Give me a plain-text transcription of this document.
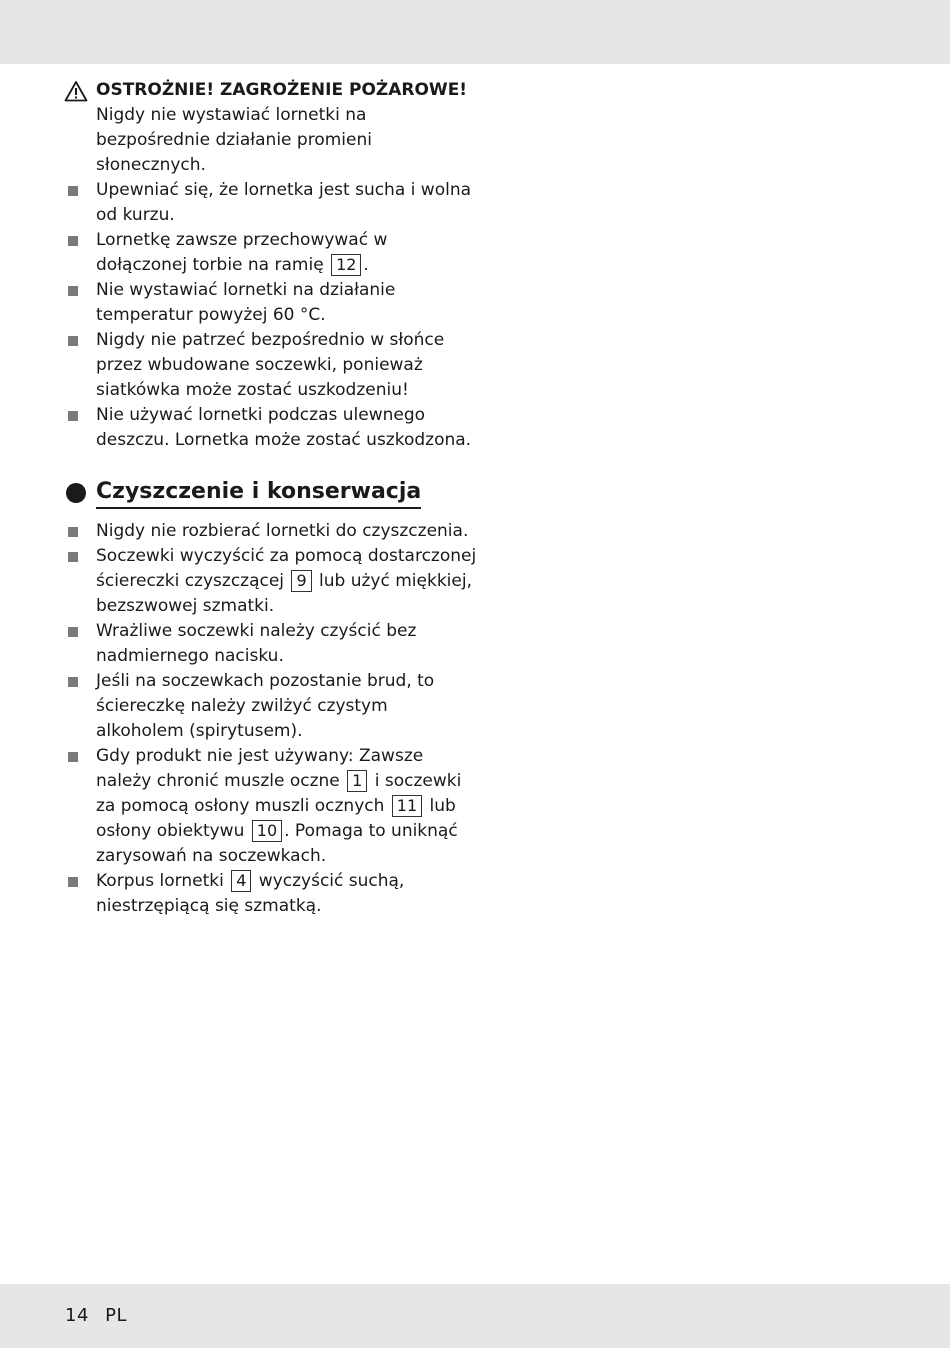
OSTROŻNIE! ZAGROŻENIE POŻAROWE! Nigdy nie wystawiać lornetki na bezpośrednie działanie promieni słonecznych.

Upewniać się, że lornetka jest sucha i wolna od kurzu.

Lornetkę zawsze przechowywać w dołączonej torbie na ramię 12 .

Nie wystawiać lornetki na działanie temperatur powyżej 60 °C.

Nigdy nie patrzeć bezpośrednio w słońce przez wbudowane soczewki, ponieważ siatkówka może zostać uszkodzeniu!

Nie używać lornetki podczas ulewnego deszczu. Lornetka może zostać uszkodzona.

Czyszczenie i konserwacja

Nigdy nie rozbierać lornetki do czyszczenia.

Soczewki wyczyścić za pomocą dostarczonej ściereczki czyszczącej 9 lub użyć miękkiej, bezszwowej szmatki.

Wrażliwe soczewki należy czyścić bez nadmiernego nacisku.

Jeśli na soczewkach pozostanie brud, to ściereczkę należy zwilżyć czystym alkoholem (spirytusem).

Gdy produkt nie jest używany: Zawsze należy chronić muszle oczne 1 i soczewki za pomocą osłony muszli ocznych 11 lub osłony obiektywu 10 . Pomaga to uniknąć zarysowań na soczewkach.

Korpus lornetki 4 wyczyścić suchą, niestrzępiącą się szmatką.

14 PL
